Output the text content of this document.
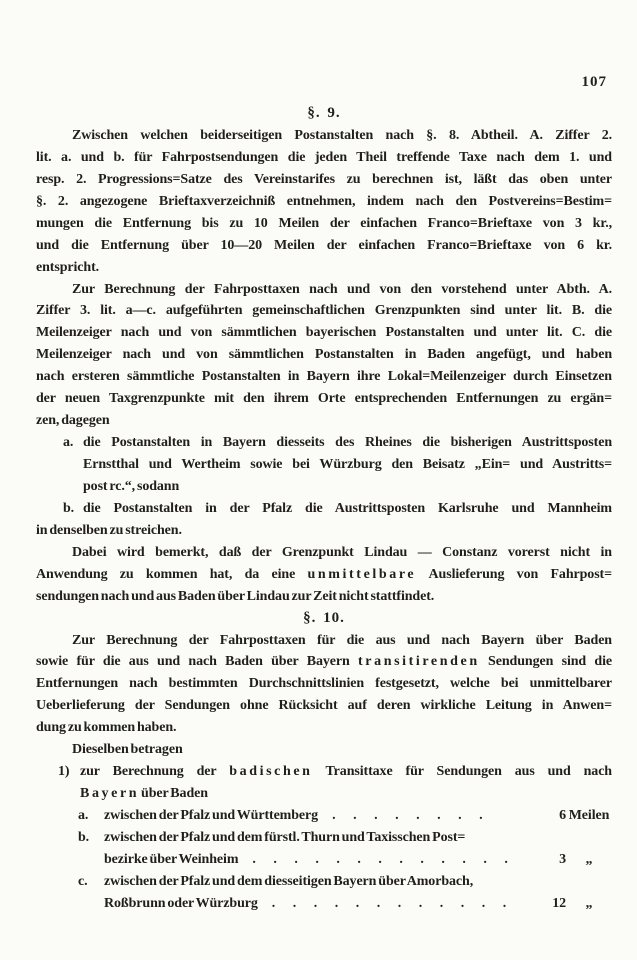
107
§. 9.
Zwischen welchen beiderseitigen Postanstalten nach §. 8. Abtheil. A. Ziffer 2.
lit. a. und b. für Fahrpostsendungen die jeden Theil treffende Taxe nach dem 1. und
resp. 2. Progressions=Satze des Vereinstarifes zu berechnen ist, läßt das oben unter
§. 2. angezogene Brieftaxverzeichniß entnehmen, indem nach den Postvereins=Bestim=
mungen die Entfernung bis zu 10 Meilen der einfachen Franco=Brieftaxe von 3 kr.,
und die Entfernung über 10—20 Meilen der einfachen Franco=Brieftaxe von 6 kr.
entspricht.
Zur Berechnung der Fahrposttaxen nach und von den vorstehend unter Abth. A.
Ziffer 3. lit. a—c. aufgeführten gemeinschaftlichen Grenzpunkten sind unter lit. B. die
Meilenzeiger nach und von sämmtlichen bayerischen Postanstalten und unter lit. C. die
Meilenzeiger nach und von sämmtlichen Postanstalten in Baden angefügt, und haben
nach ersteren sämmtliche Postanstalten in Bayern ihre Lokal=Meilenzeiger durch Einsetzen
der neuen Taxgrenzpunkte mit den ihrem Orte entsprechenden Entfernungen zu ergän=
zen, dagegen
a. die Postanstalten in Bayern diesseits des Rheines die bisherigen Austrittsposten
Ernstthal und Wertheim sowie bei Würzburg den Beisatz „Ein= und Austritts=
post rc.“, sodann
b. die Postanstalten in der Pfalz die Austrittsposten Karlsruhe und Mannheim
in denselben zu streichen.
Dabei wird bemerkt, daß der Grenzpunkt Lindau — Constanz vorerst nicht in
Anwendung zu kommen hat, da eine unmittelbare Auslieferung von Fahrpost=
sendungen nach und aus Baden über Lindau zur Zeit nicht stattfindet.
§. 10.
Zur Berechnung der Fahrposttaxen für die aus und nach Bayern über Baden
sowie für die aus und nach Baden über Bayern transitirenden Sendungen sind die
Entfernungen nach bestimmten Durchschnittslinien festgesetzt, welche bei unmittelbarer
Ueberlieferung der Sendungen ohne Rücksicht auf deren wirkliche Leitung in Anwen=
dung zu kommen haben.
Dieselben betragen
1) zur Berechnung der badischen Transittaxe für Sendungen aus und nach
Bayern über Baden
a. zwischen der Pfalz und Württemberg	. . . . . . . .	6 Meilen
b. zwischen der Pfalz und dem fürstl. Thurn und Taxisschen Post=
bezirke über Weinheim	. . . . . . . . . . . . .	3	„
c. zwischen der Pfalz und dem diesseitigen Bayern über Amorbach,
Roßbrunn oder Würzburg	. . . . . . . . . . . .	12	„
